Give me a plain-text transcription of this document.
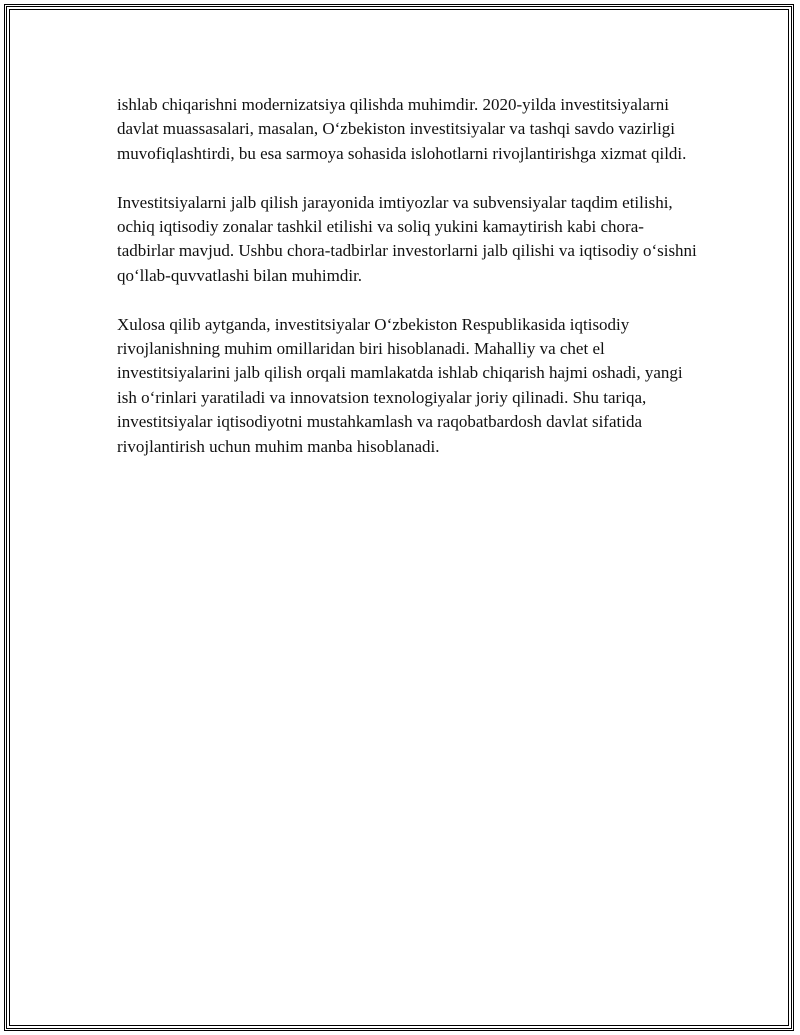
ishlab chiqarishni modernizatsiya qilishda muhimdir. 2020-yilda investitsiyalarni davlat muassasalari, masalan, O‘zbekiston investitsiyalar va tashqi savdo vazirligi muvofiqlashtirdi, bu esa sarmoya sohasida islohotlarni rivojlantirishga xizmat qildi.

Investitsiyalarni jalb qilish jarayonida imtiyozlar va subvensiyalar taqdim etilishi, ochiq iqtisodiy zonalar tashkil etilishi va soliq yukini kamaytirish kabi chora-tadbirlar mavjud. Ushbu chora-tadbirlar investorlarni jalb qilishi va iqtisodiy o‘sishni qo‘llab-quvvatlashi bilan muhimdir.

Xulosa qilib aytganda, investitsiyalar O‘zbekiston Respublikasida iqtisodiy rivojlanishning muhim omillaridan biri hisoblanadi. Mahalliy va chet el investitsiyalarini jalb qilish orqali mamlakatda ishlab chiqarish hajmi oshadi, yangi ish o‘rinlari yaratiladi va innovatsion texnologiyalar joriy qilinadi. Shu tariqa, investitsiyalar iqtisodiyotni mustahkamlash va raqobatbardosh davlat sifatida rivojlantirish uchun muhim manba hisoblanadi.
